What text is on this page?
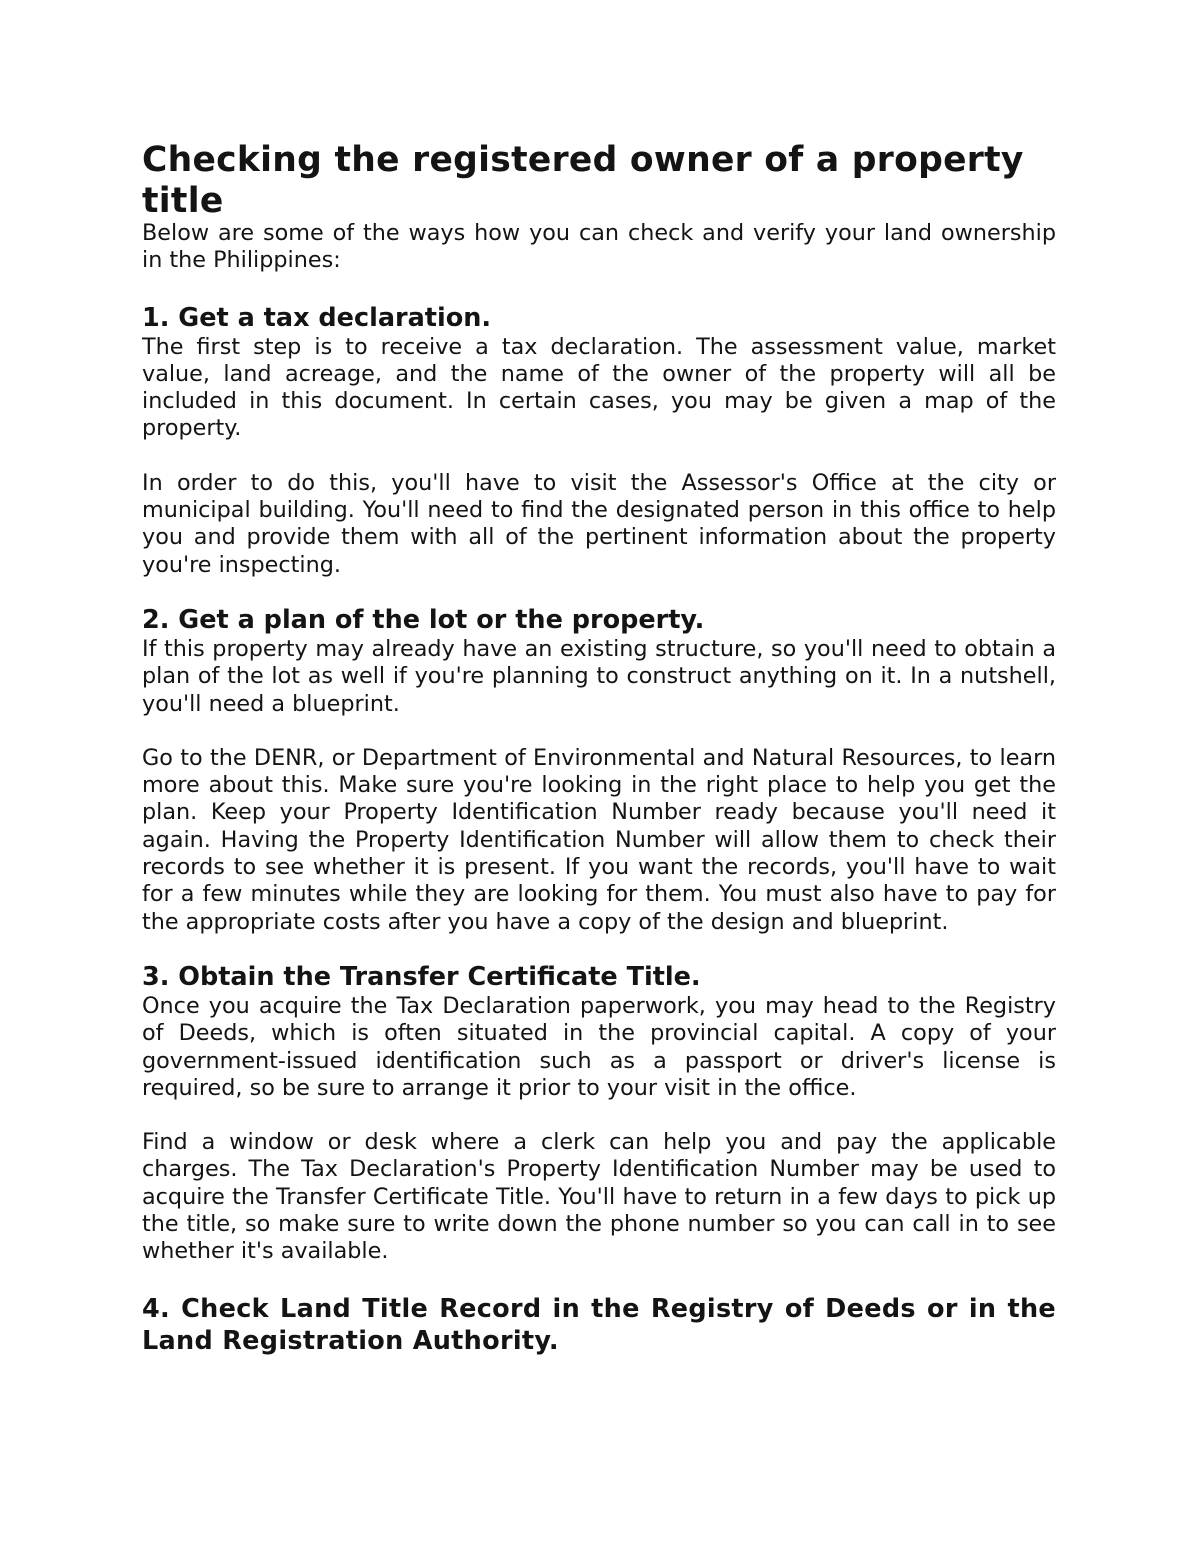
Checking the registered owner of a property title

Below are some of the ways how you can check and verify your land ownership in the Philippines:

1. Get a tax declaration.

The first step is to receive a tax declaration. The assessment value, market value, land acreage, and the name of the owner of the property will all be included in this document. In certain cases, you may be given a map of the property.

In order to do this, you'll have to visit the Assessor's Office at the city or municipal building. You'll need to find the designated person in this office to help you and provide them with all of the pertinent information about the property you're inspecting.

2. Get a plan of the lot or the property.

If this property may already have an existing structure, so you'll need to obtain a plan of the lot as well if you're planning to construct anything on it. In a nutshell, you'll need a blueprint.

Go to the DENR, or Department of Environmental and Natural Resources, to learn more about this. Make sure you're looking in the right place to help you get the plan. Keep your Property Identification Number ready because you'll need it again. Having the Property Identification Number will allow them to check their records to see whether it is present. If you want the records, you'll have to wait for a few minutes while they are looking for them. You must also have to pay for the appropriate costs after you have a copy of the design and blueprint.

3. Obtain the Transfer Certificate Title.

Once you acquire the Tax Declaration paperwork, you may head to the Registry of Deeds, which is often situated in the provincial capital. A copy of your government-issued identification such as a passport or driver's license is required, so be sure to arrange it prior to your visit in the office.

Find a window or desk where a clerk can help you and pay the applicable charges. The Tax Declaration's Property Identification Number may be used to acquire the Transfer Certificate Title. You'll have to return in a few days to pick up the title, so make sure to write down the phone number so you can call in to see whether it's available.

4. Check Land Title Record in the Registry of Deeds or in the Land Registration Authority.
